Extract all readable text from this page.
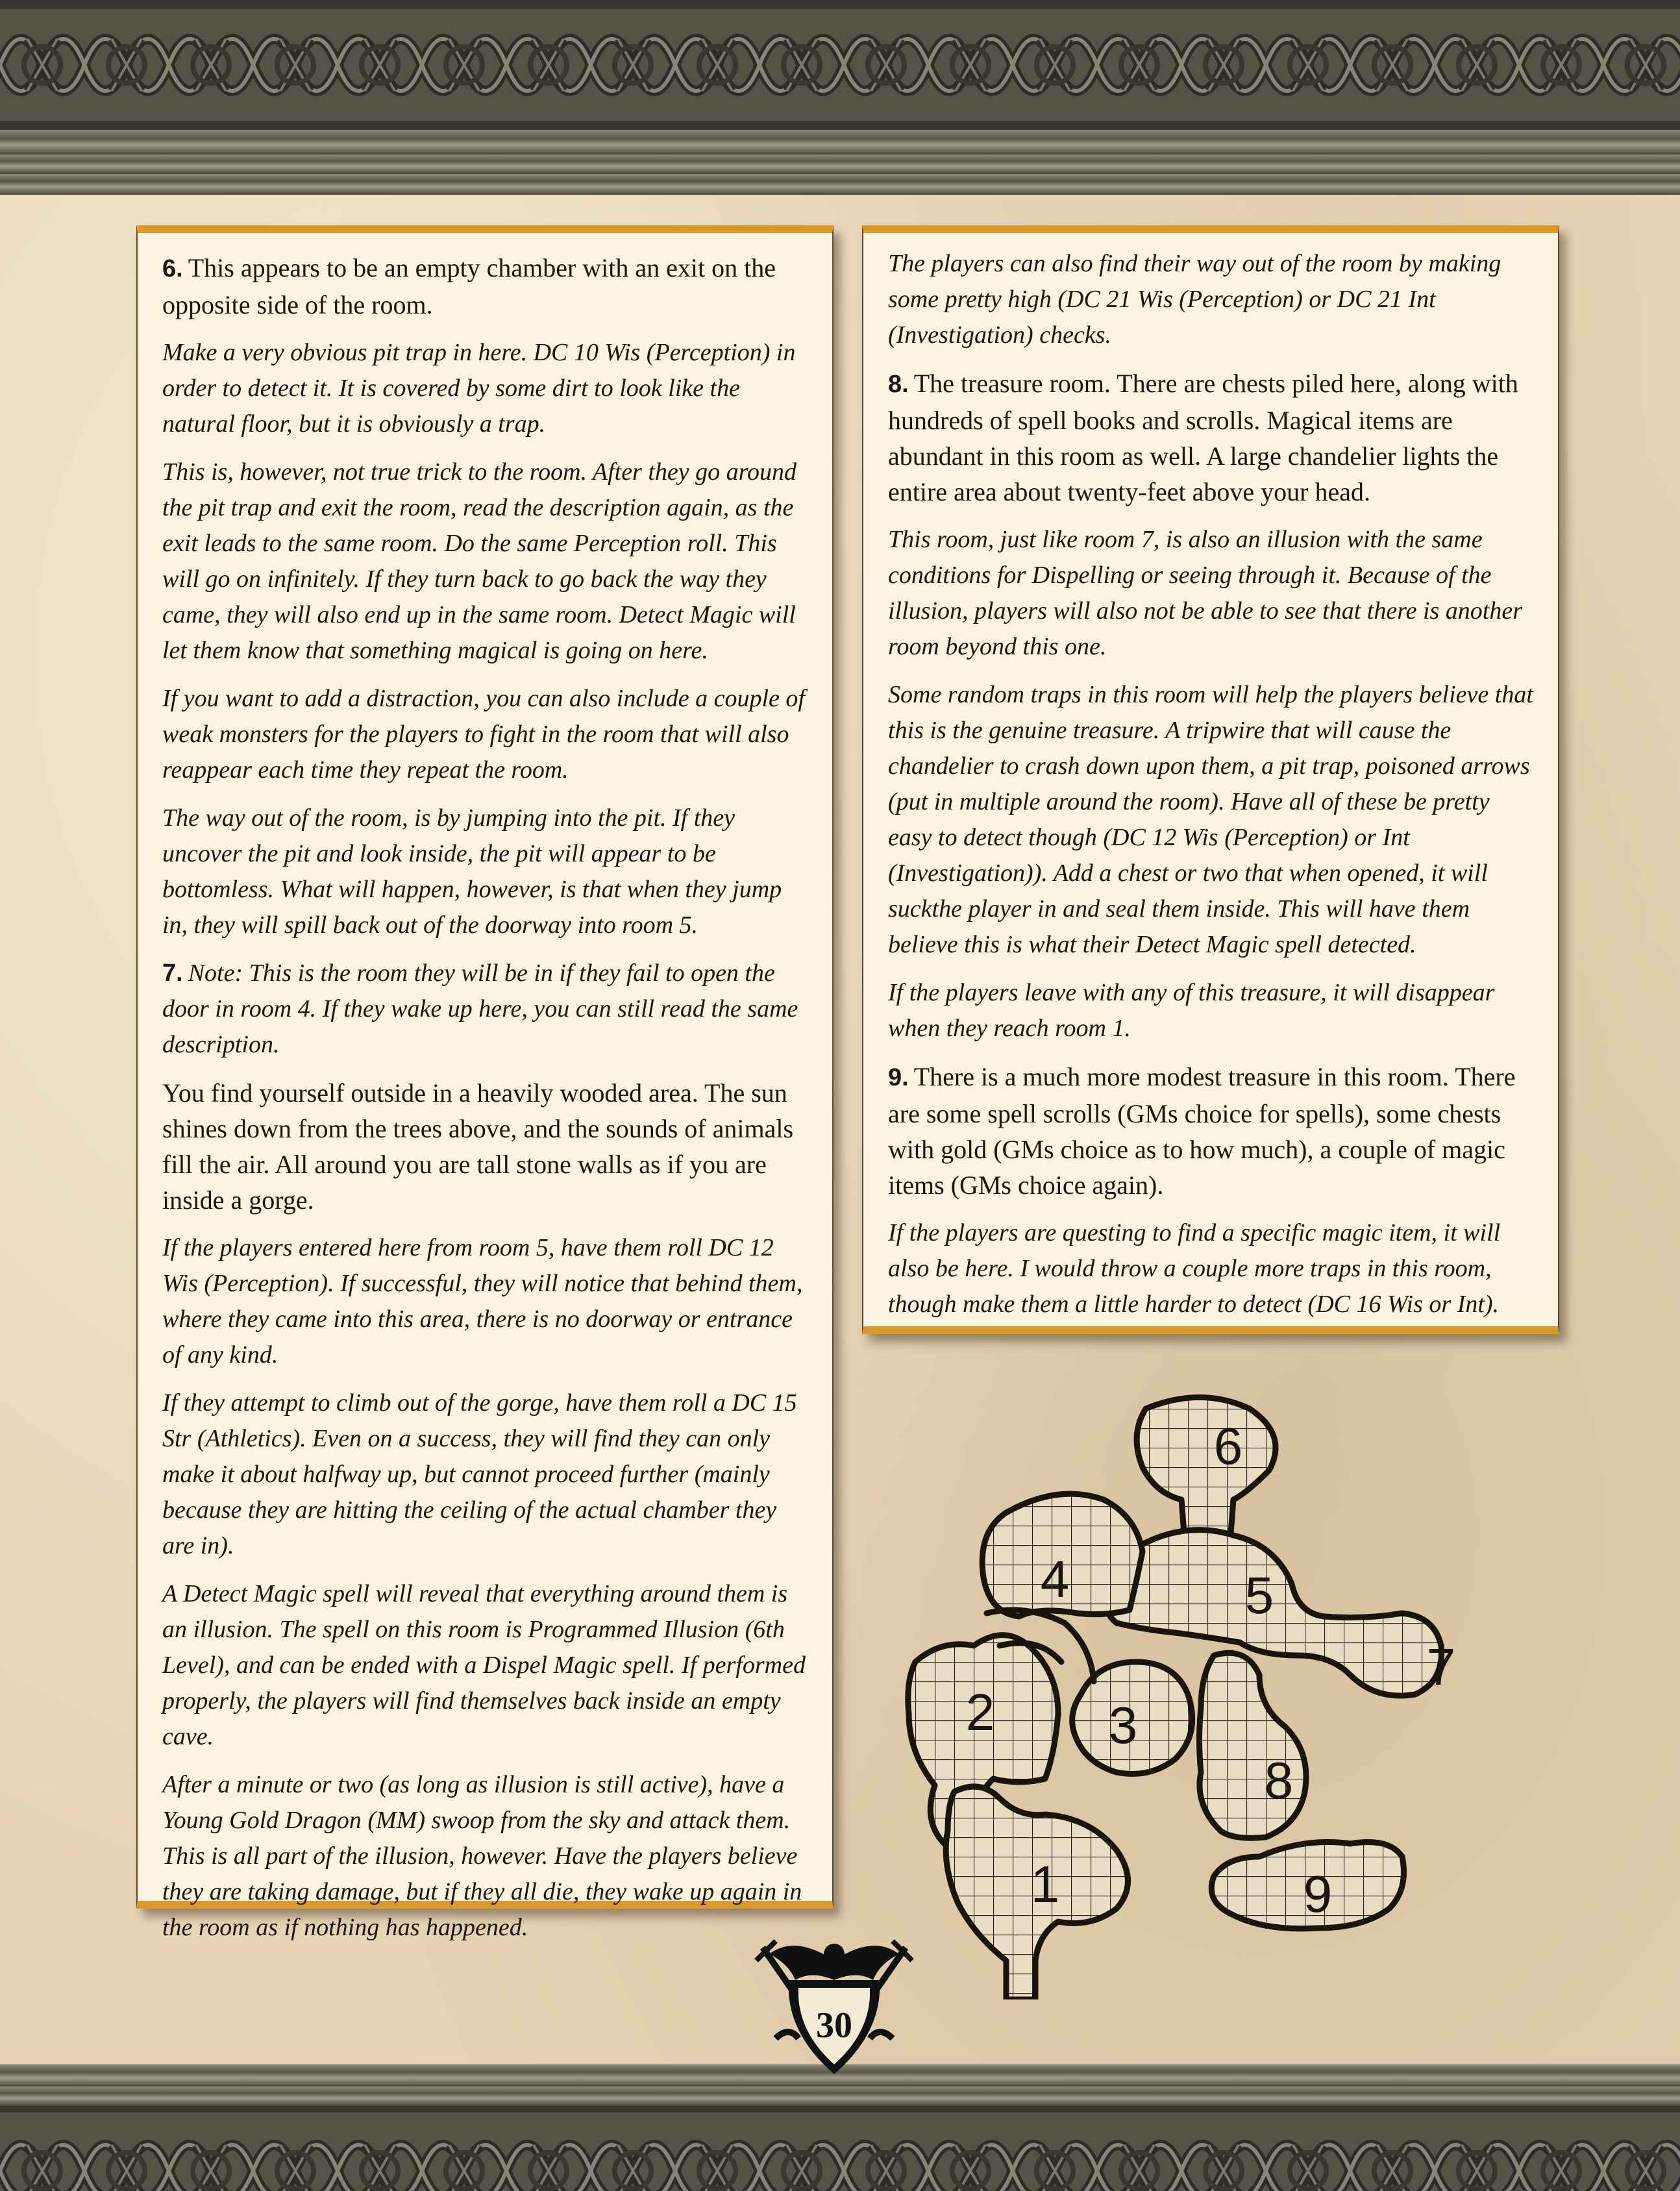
6. This appears to be an empty chamber with an exit on the opposite side of the room.

Make a very obvious pit trap in here. DC 10 Wis (Perception) in order to detect it. It is covered by some dirt to look like the natural floor, but it is obviously a trap.

This is, however, not true trick to the room. After they go around the pit trap and exit the room, read the description again, as the exit leads to the same room. Do the same Perception roll. This will go on infinitely. If they turn back to go back the way they came, they will also end up in the same room. Detect Magic will let them know that something magical is going on here.

If you want to add a distraction, you can also include a couple of weak monsters for the players to fight in the room that will also reappear each time they repeat the room.

The way out of the room, is by jumping into the pit. If they uncover the pit and look inside, the pit will appear to be bottomless. What will happen, however, is that when they jump in, they will spill back out of the doorway into room 5.

7. Note: This is the room they will be in if they fail to open the door in room 4. If they wake up here, you can still read the same description.

You find yourself outside in a heavily wooded area. The sun shines down from the trees above, and the sounds of animals fill the air. All around you are tall stone walls as if you are inside a gorge.

If the players entered here from room 5, have them roll DC 12 Wis (Perception). If successful, they will notice that behind them, where they came into this area, there is no doorway or entrance of any kind.

If they attempt to climb out of the gorge, have them roll a DC 15 Str (Athletics). Even on a success, they will find they can only make it about halfway up, but cannot proceed further (mainly because they are hitting the ceiling of the actual chamber they are in).

A Detect Magic spell will reveal that everything around them is an illusion. The spell on this room is Programmed Illusion (6th Level), and can be ended with a Dispel Magic spell. If performed properly, the players will find themselves back inside an empty cave.

After a minute or two (as long as illusion is still active), have a Young Gold Dragon (MM) swoop from the sky and attack them. This is all part of the illusion, however. Have the players believe they are taking damage, but if they all die, they wake up again in the room as if nothing has happened.

The players can also find their way out of the room by making some pretty high (DC 21 Wis (Perception) or DC 21 Int (Investigation) checks.

8. The treasure room. There are chests piled here, along with hundreds of spell books and scrolls. Magical items are abundant in this room as well. A large chandelier lights the entire area about twenty-feet above your head.

This room, just like room 7, is also an illusion with the same conditions for Dispelling or seeing through it. Because of the illusion, players will also not be able to see that there is another room beyond this one.

Some random traps in this room will help the players believe that this is the genuine treasure. A tripwire that will cause the chandelier to crash down upon them, a pit trap, poisoned arrows (put in multiple around the room). Have all of these be pretty easy to detect though (DC 12 Wis (Perception) or Int (Investigation)). Add a chest or two that when opened, it will suckthe player in and seal them inside. This will have them believe this is what their Detect Magic spell detected.

If the players leave with any of this treasure, it will disappear when they reach room 1.

9. There is a much more modest treasure in this room. There are some spell scrolls (GMs choice for spells), some chests with gold (GMs choice as to how much), a couple of magic items (GMs choice again).

If the players are questing to find a specific magic item, it will also be here. I would throw a couple more traps in this room, though make them a little harder to detect (DC 16 Wis or Int).

1
2 3
4	5
6
7
8
9
30
